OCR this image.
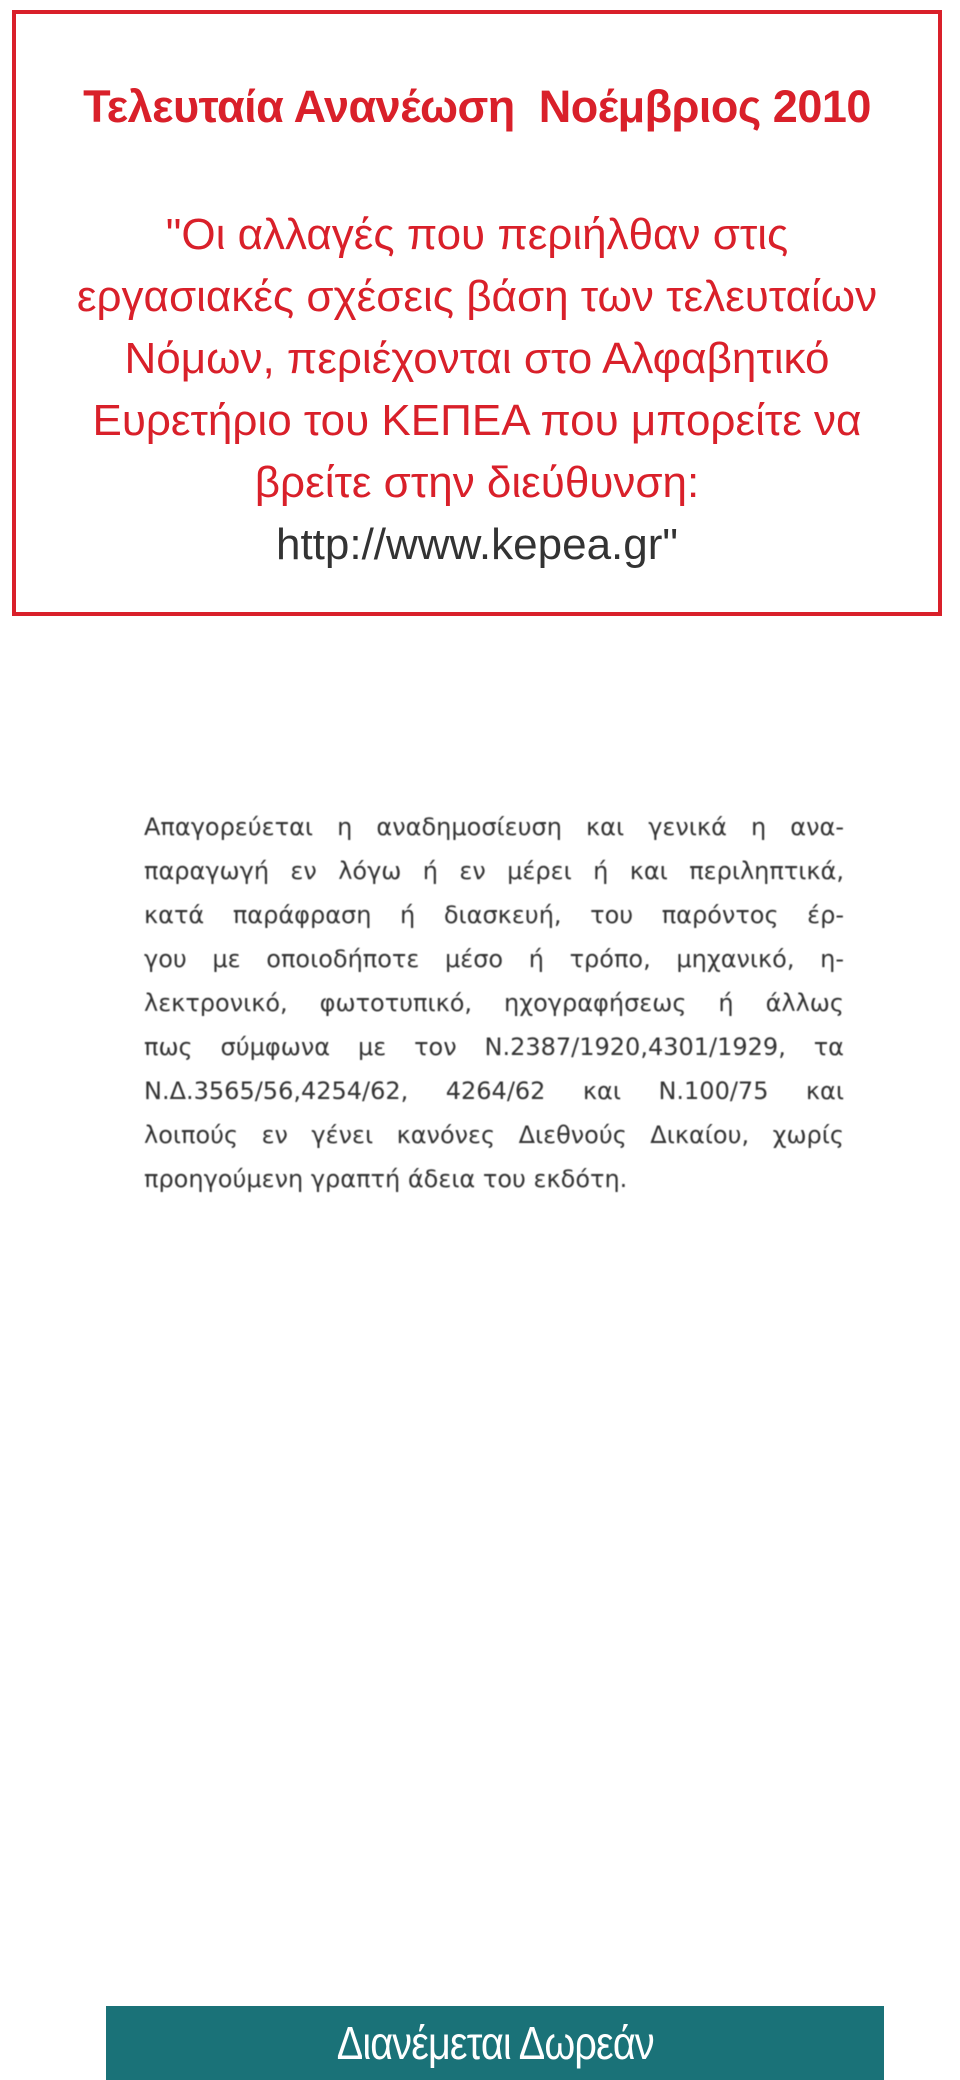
Τελευταία Ανανέωση  Νοέμβριος 2010
"Οι αλλαγές που περιήλθαν στις
εργασιακές σχέσεις βάση των τελευταίων
Νόμων, περιέχονται στο Αλφαβητικό
Ευρετήριο του ΚΕΠΕΑ που μπορείτε να
βρείτε στην διεύθυνση:
http://www.kepea.gr"
Απαγορεύεται η αναδημοσίευση και γενικά η ανα-
παραγωγή εν λόγω ή εν μέρει ή και περιληπτικά,
κατά παράφραση ή διασκευή, του παρόντος έρ-
γου με οποιοδήποτε μέσο ή τρόπο, μηχανικό, η-
λεκτρονικό, φωτοτυπικό, ηχογραφήσεως ή άλλως
πως σύμφωνα με τον Ν.2387/1920,4301/1929, τα
Ν.Δ.3565/56,4254/62, 4264/62 και Ν.100/75 και
λοιπούς εν γένει κανόνες Διεθνούς Δικαίου, χωρίς
προηγούμενη γραπτή άδεια του εκδότη.
Διανέμεται Δωρεάν
